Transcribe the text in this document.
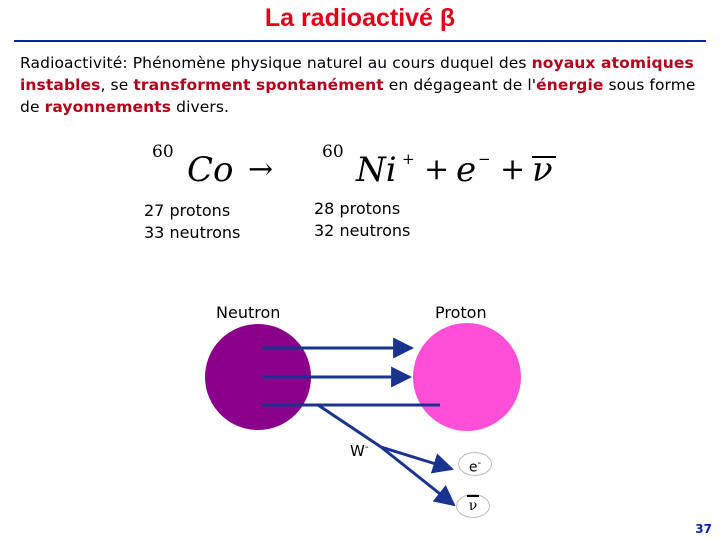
La radioactivé β

Radioactivité: Phénomène physique naturel au cours duquel des noyaux atomiques instables, se transforment spontanément en dégageant de l'énergie sous forme de rayonnements divers.

60 Co →	60 Ni + + e − + ν
27 protons
33 neutrons
28 protons
32 neutrons
Neutron	Proton
W-
e-
ν
37
